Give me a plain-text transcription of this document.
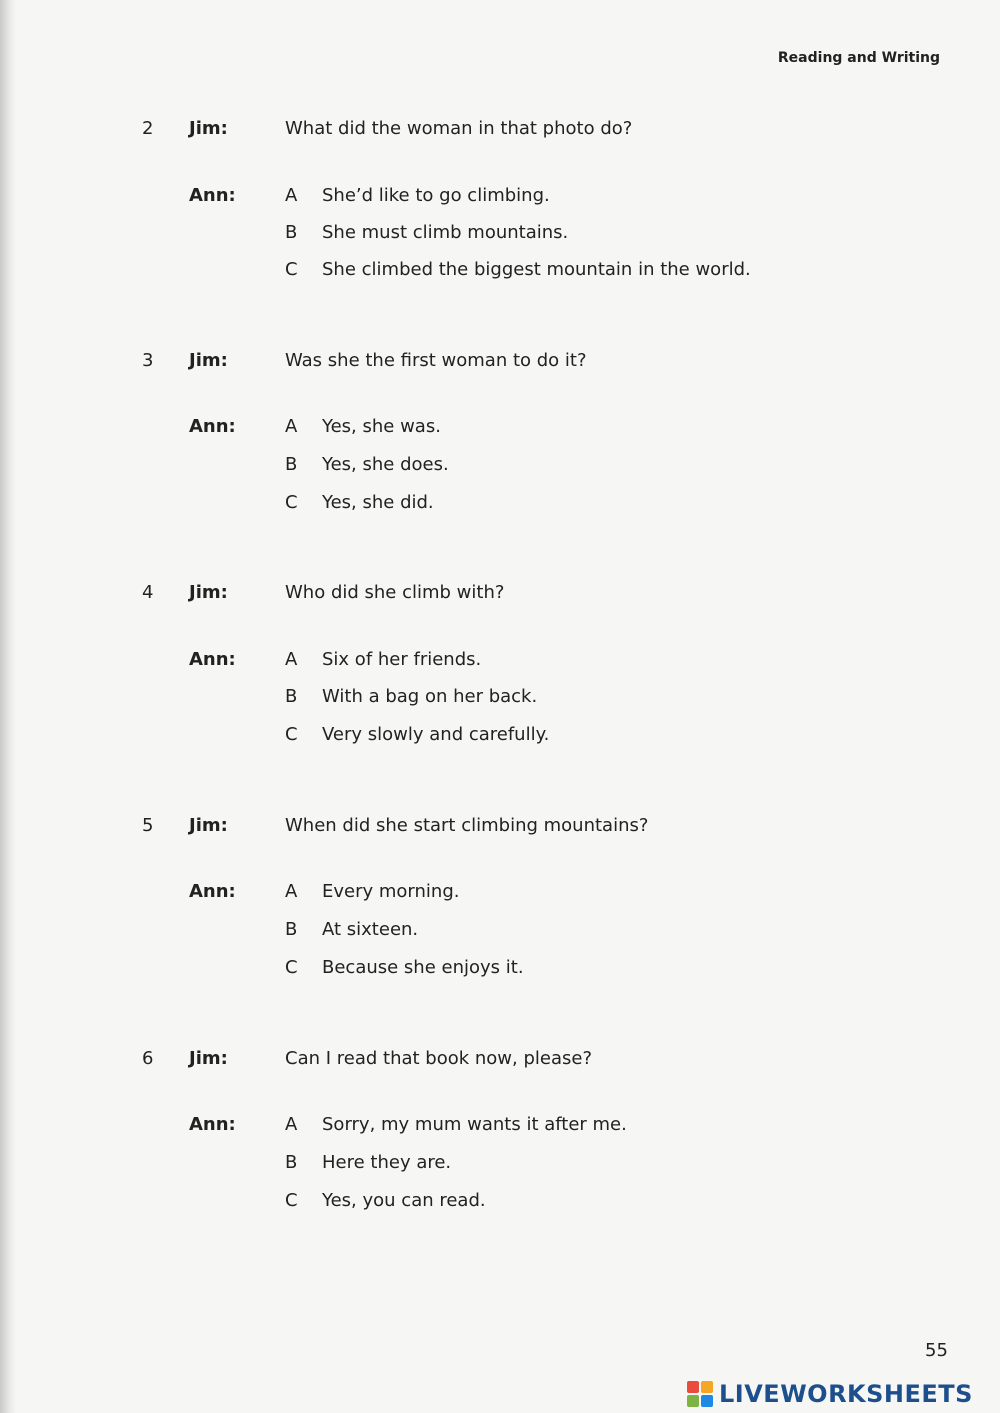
Reading and Writing
2 Jim:	What did the woman in that photo do?
Ann:	A She’d like to go climbing.
B She must climb mountains.
C She climbed the biggest mountain in the world.
3 Jim:	Was she the first woman to do it?
Ann:	A Yes, she was.
B Yes, she does.
C Yes, she did.
4 Jim:	Who did she climb with?
Ann:	A Six of her friends.
B With a bag on her back.
C Very slowly and carefully.
5 Jim:	When did she start climbing mountains?
Ann:	A Every morning.
B At sixteen.
C Because she enjoys it.
6 Jim:	Can I read that book now, please?
Ann:	A Sorry, my mum wants it after me.
B Here they are.
C Yes, you can read.
55
LIVEWORKSHEETS
